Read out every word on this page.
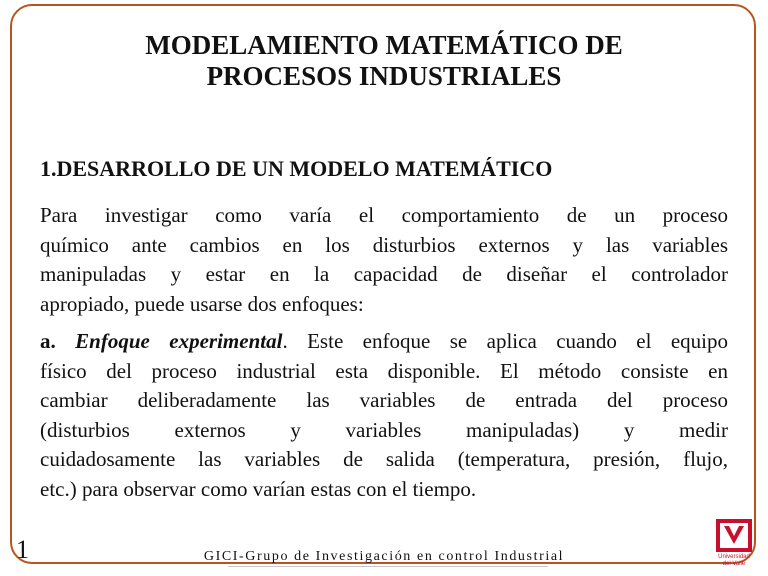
MODELAMIENTO MATEMÁTICO DE
PROCESOS INDUSTRIALES
1.DESARROLLO DE UN MODELO MATEMÁTICO
Para investigar como varía el comportamiento de un proceso
químico ante cambios en los disturbios externos y las variables
manipuladas y estar en la capacidad de diseñar el controlador
apropiado, puede usarse dos enfoques:
a. Enfoque experimental. Este enfoque se aplica cuando el equipo
físico del proceso industrial esta disponible. El método consiste en
cambiar deliberadamente las variables de entrada del proceso
(disturbios externos y variables manipuladas) y medir
cuidadosamente las variables de salida (temperatura, presión, flujo,
etc.) para observar como varían estas con el tiempo.
1	GICI-Grupo de Investigación en control Industrial	Universidad
del Valle
